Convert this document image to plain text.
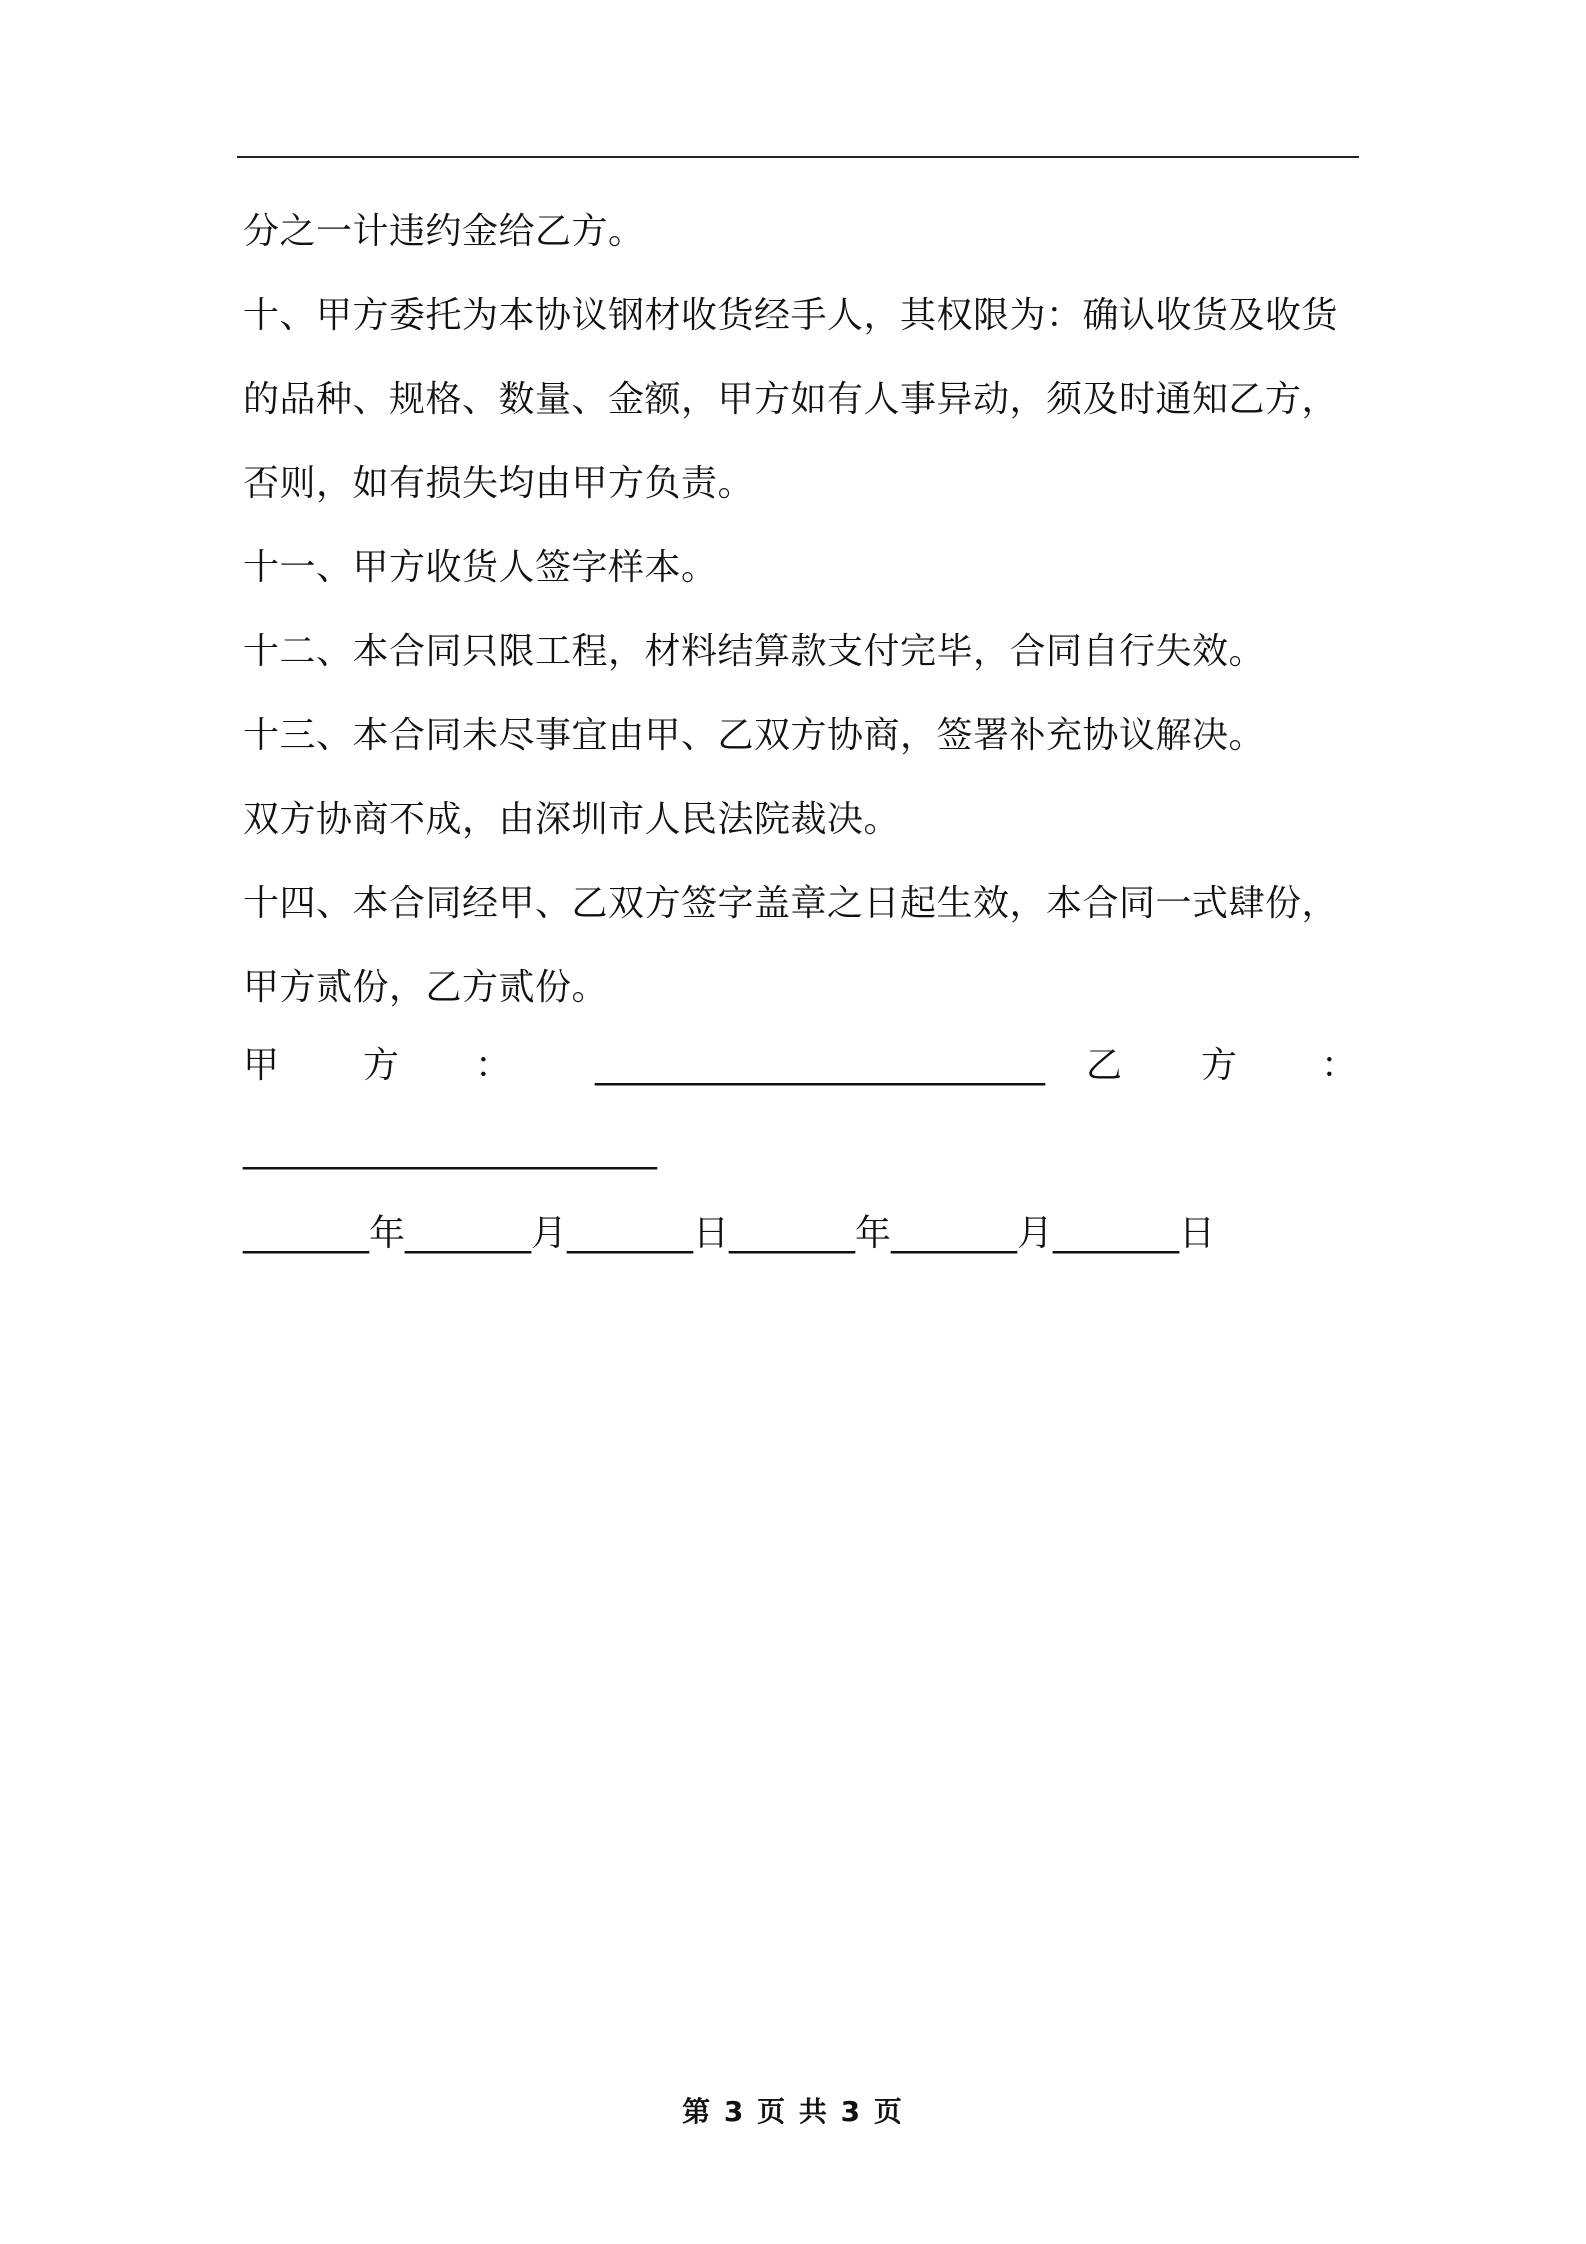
分之一计违约金给乙方。
十、甲方委托为本协议钢材收货经手人，其权限为：确认收货及收货
的品种、规格、数量、金额，甲方如有人事异动，须及时通知乙方，
否则，如有损失均由甲方负责。
十一、甲方收货人签字样本。
十二、本合同只限工程，材料结算款支付完毕，合同自行失效。
十三、本合同未尽事宜由甲、乙双方协商，签署补充协议解决。
双方协商不成，由深圳市人民法院裁决。
十四、本合同经甲、乙双方签字盖章之日起生效，本合同一式肆份，
甲方贰份，乙方贰份。
甲 方 ： _________________________ 乙 方 ：
_______________________
_______年_______月_______日_______年_______月_______日
第 3 页 共 3 页
